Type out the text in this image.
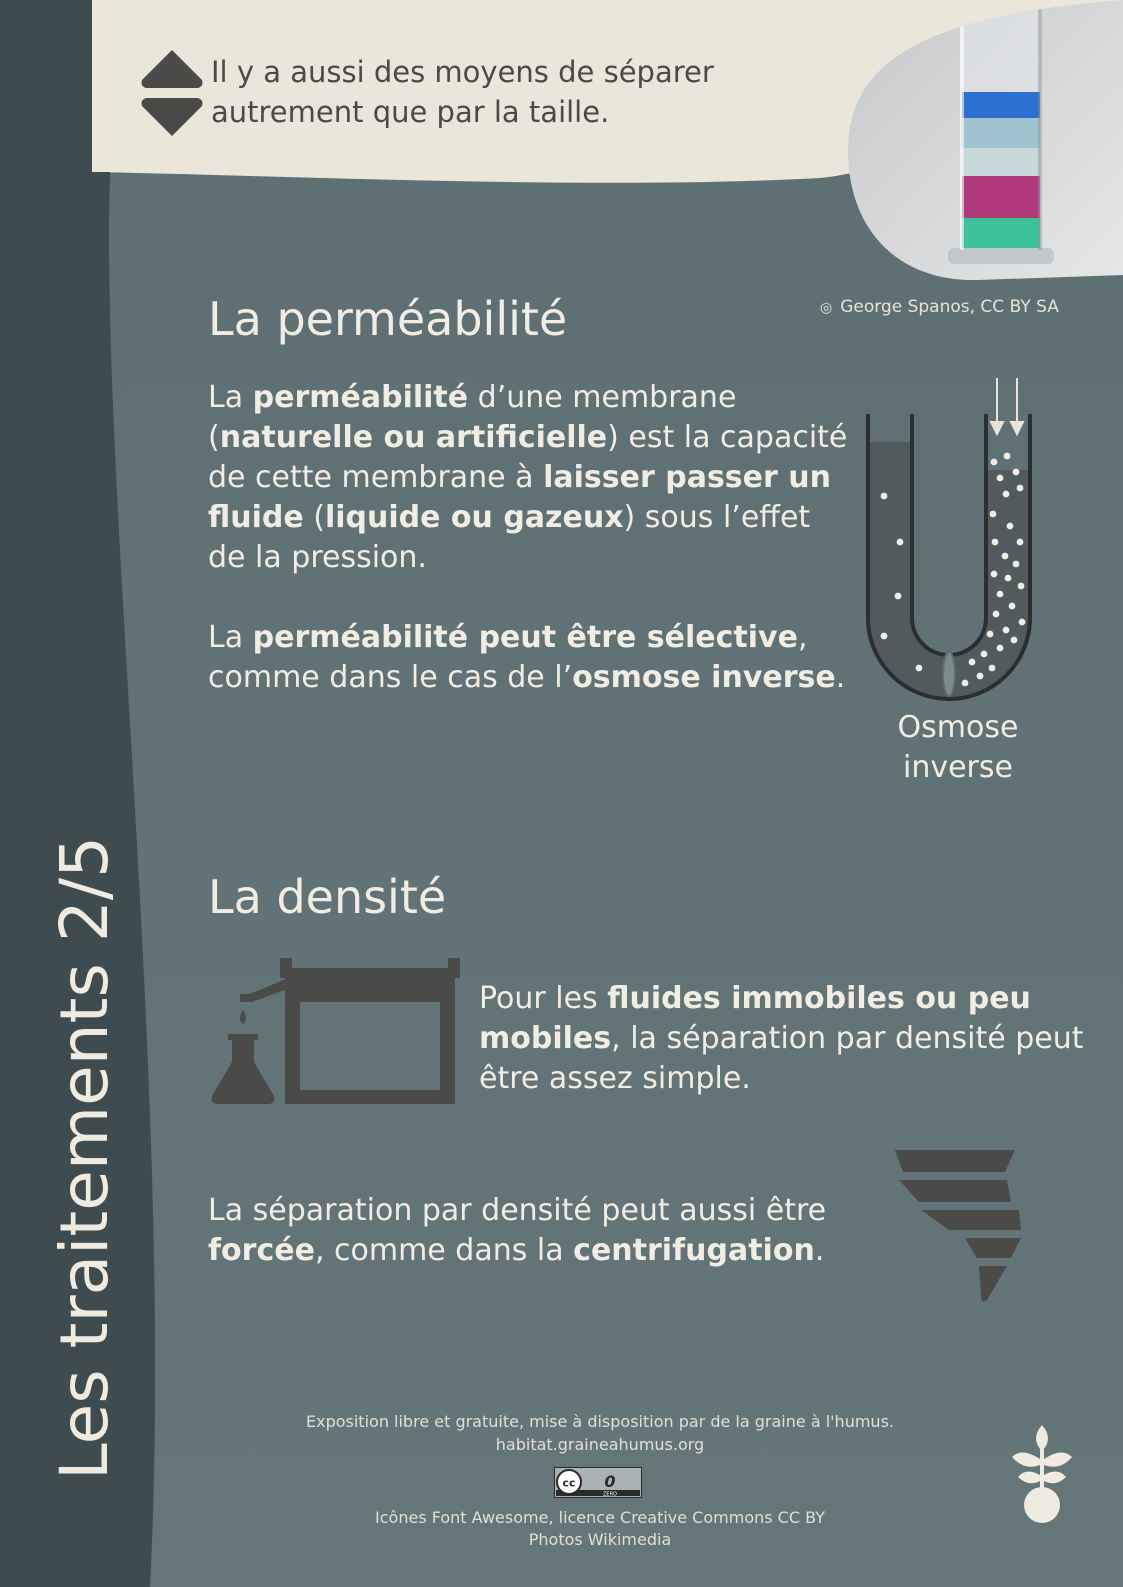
Il y a aussi des moyens de séparer autrement que par la taille.
◎ George Spanos, CC BY SA
La perméabilité

La perméabilité d’une membrane (naturelle ou artificielle) est la capacité de cette membrane à laisser passer un fluide (liquide ou gazeux) sous l’effet de la pression.

La perméabilité peut être sélective, comme dans le cas de l’osmose inverse.

Osmose inverse
La densité

Pour les fluides immobiles ou peu mobiles, la séparation par densité peut être assez simple.

La séparation par densité peut aussi être forcée, comme dans la centrifugation.

Les traitements 2/5	Exposition libre et gratuite, mise à disposition par de la graine à l'humus.
habitat.graineahumus.org
cc 0
ZERO
Icônes Font Awesome, licence Creative Commons CC BY
Photos Wikimedia
